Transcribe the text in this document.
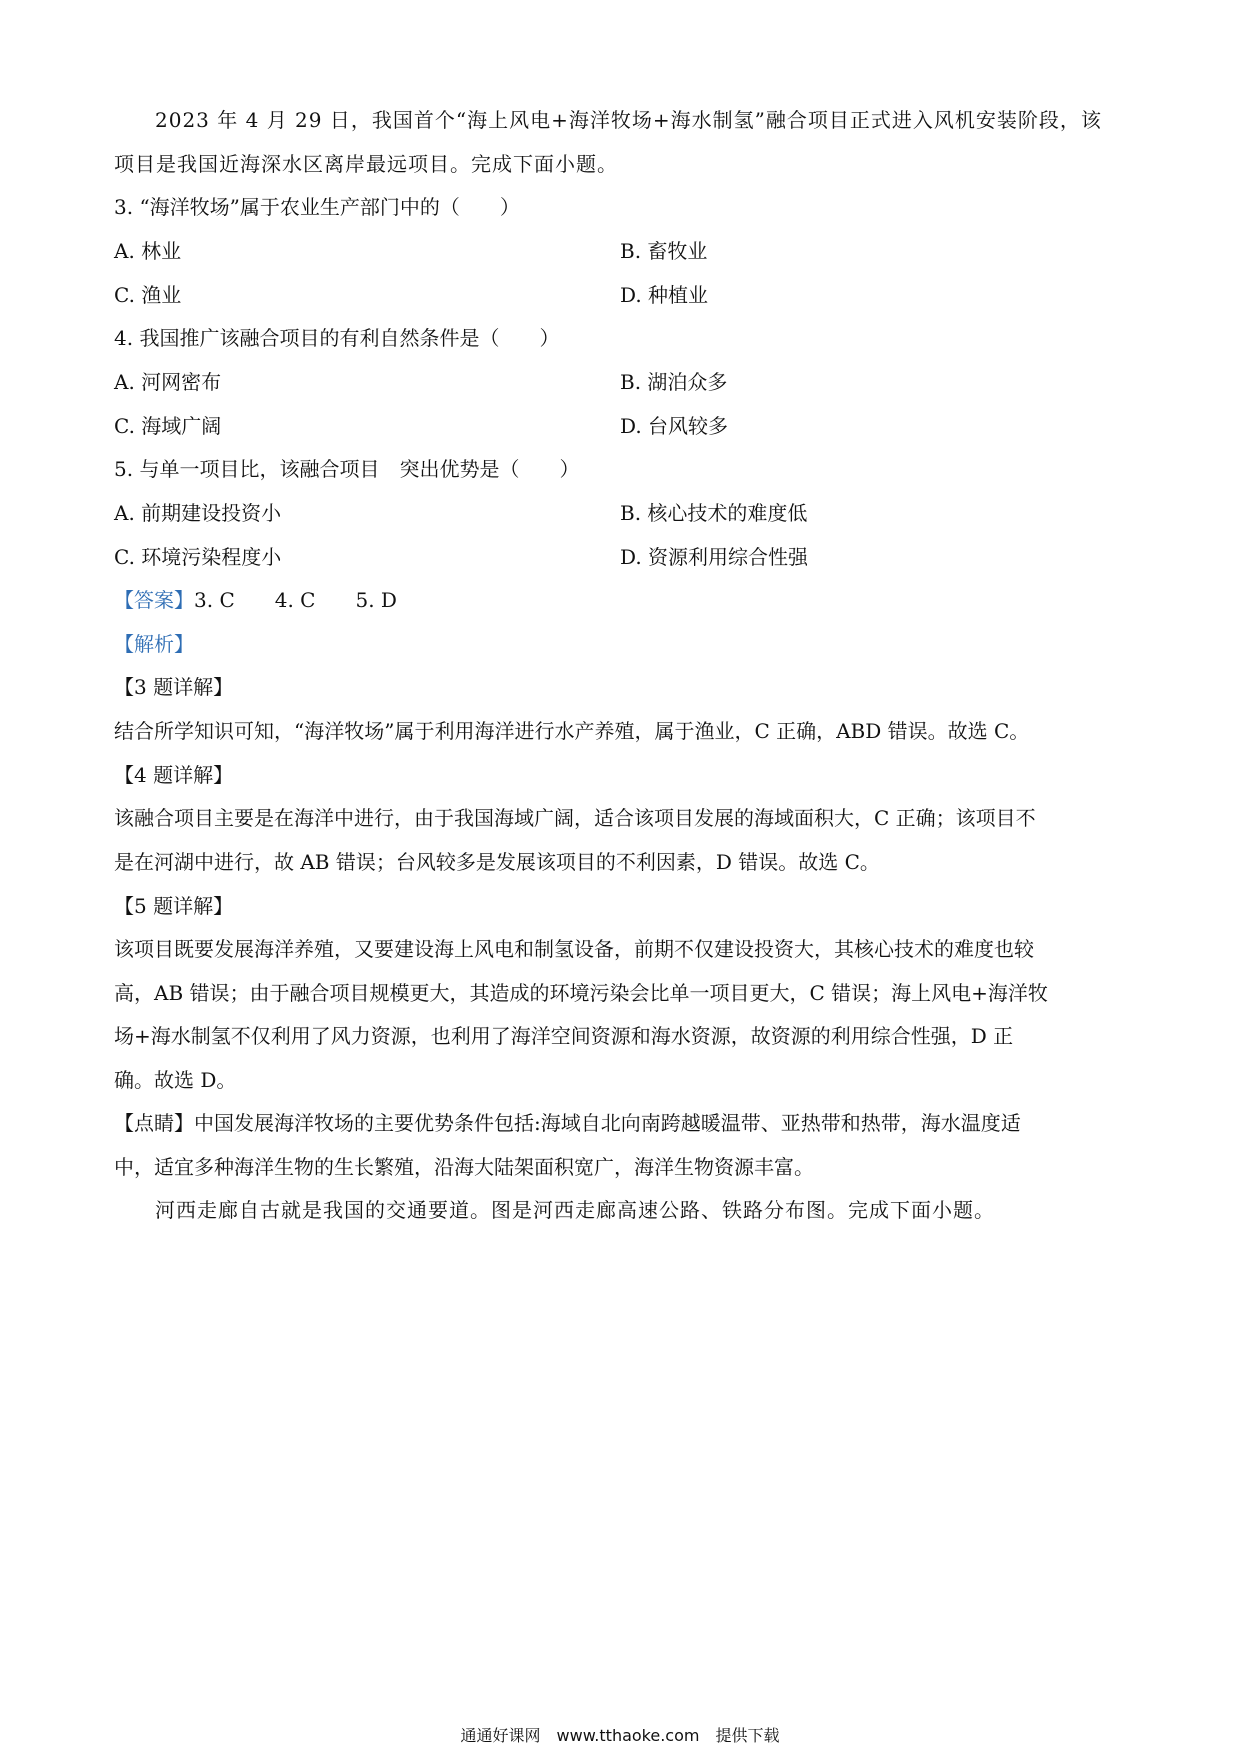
2023 年 4 月 29 日，我国首个“海上风电+海洋牧场+海水制氢”融合项目正式进入风机安装阶段，该
项目是我国近海深水区离岸最远项目。完成下面小题。
3. “海洋牧场”属于农业生产部门中的（　　）
A. 林业	B. 畜牧业
C. 渔业	D. 种植业
4. 我国推广该融合项目的有利自然条件是（　　）
A. 河网密布	B. 湖泊众多
C. 海域广阔	D. 台风较多
5. 与单一项目比，该融合项目　突出优势是（　　）
A. 前期建设投资小	B. 核心技术的难度低
C. 环境污染程度小	D. 资源利用综合性强
【答案】3. C　　4. C　　5. D
【解析】
【3 题详解】
结合所学知识可知，“海洋牧场”属于利用海洋进行水产养殖，属于渔业，C 正确，ABD 错误。故选 C。
【4 题详解】
该融合项目主要是在海洋中进行，由于我国海域广阔，适合该项目发展的海域面积大，C 正确；该项目不
是在河湖中进行，故 AB 错误；台风较多是发展该项目的不利因素，D 错误。故选 C。
【5 题详解】
该项目既要发展海洋养殖，又要建设海上风电和制氢设备，前期不仅建设投资大，其核心技术的难度也较
高，AB 错误；由于融合项目规模更大，其造成的环境污染会比单一项目更大，C 错误；海上风电+海洋牧
场+海水制氢不仅利用了风力资源，也利用了海洋空间资源和海水资源，故资源的利用综合性强，D 正
确。故选 D。
【点睛】中国发展海洋牧场的主要优势条件包括:海域自北向南跨越暖温带、亚热带和热带，海水温度适
中，适宜多种海洋生物的生长繁殖，沿海大陆架面积宽广，海洋生物资源丰富。
河西走廊自古就是我国的交通要道。图是河西走廊高速公路、铁路分布图。完成下面小题。
通通好课网　www.tthaoke.com　提供下载
